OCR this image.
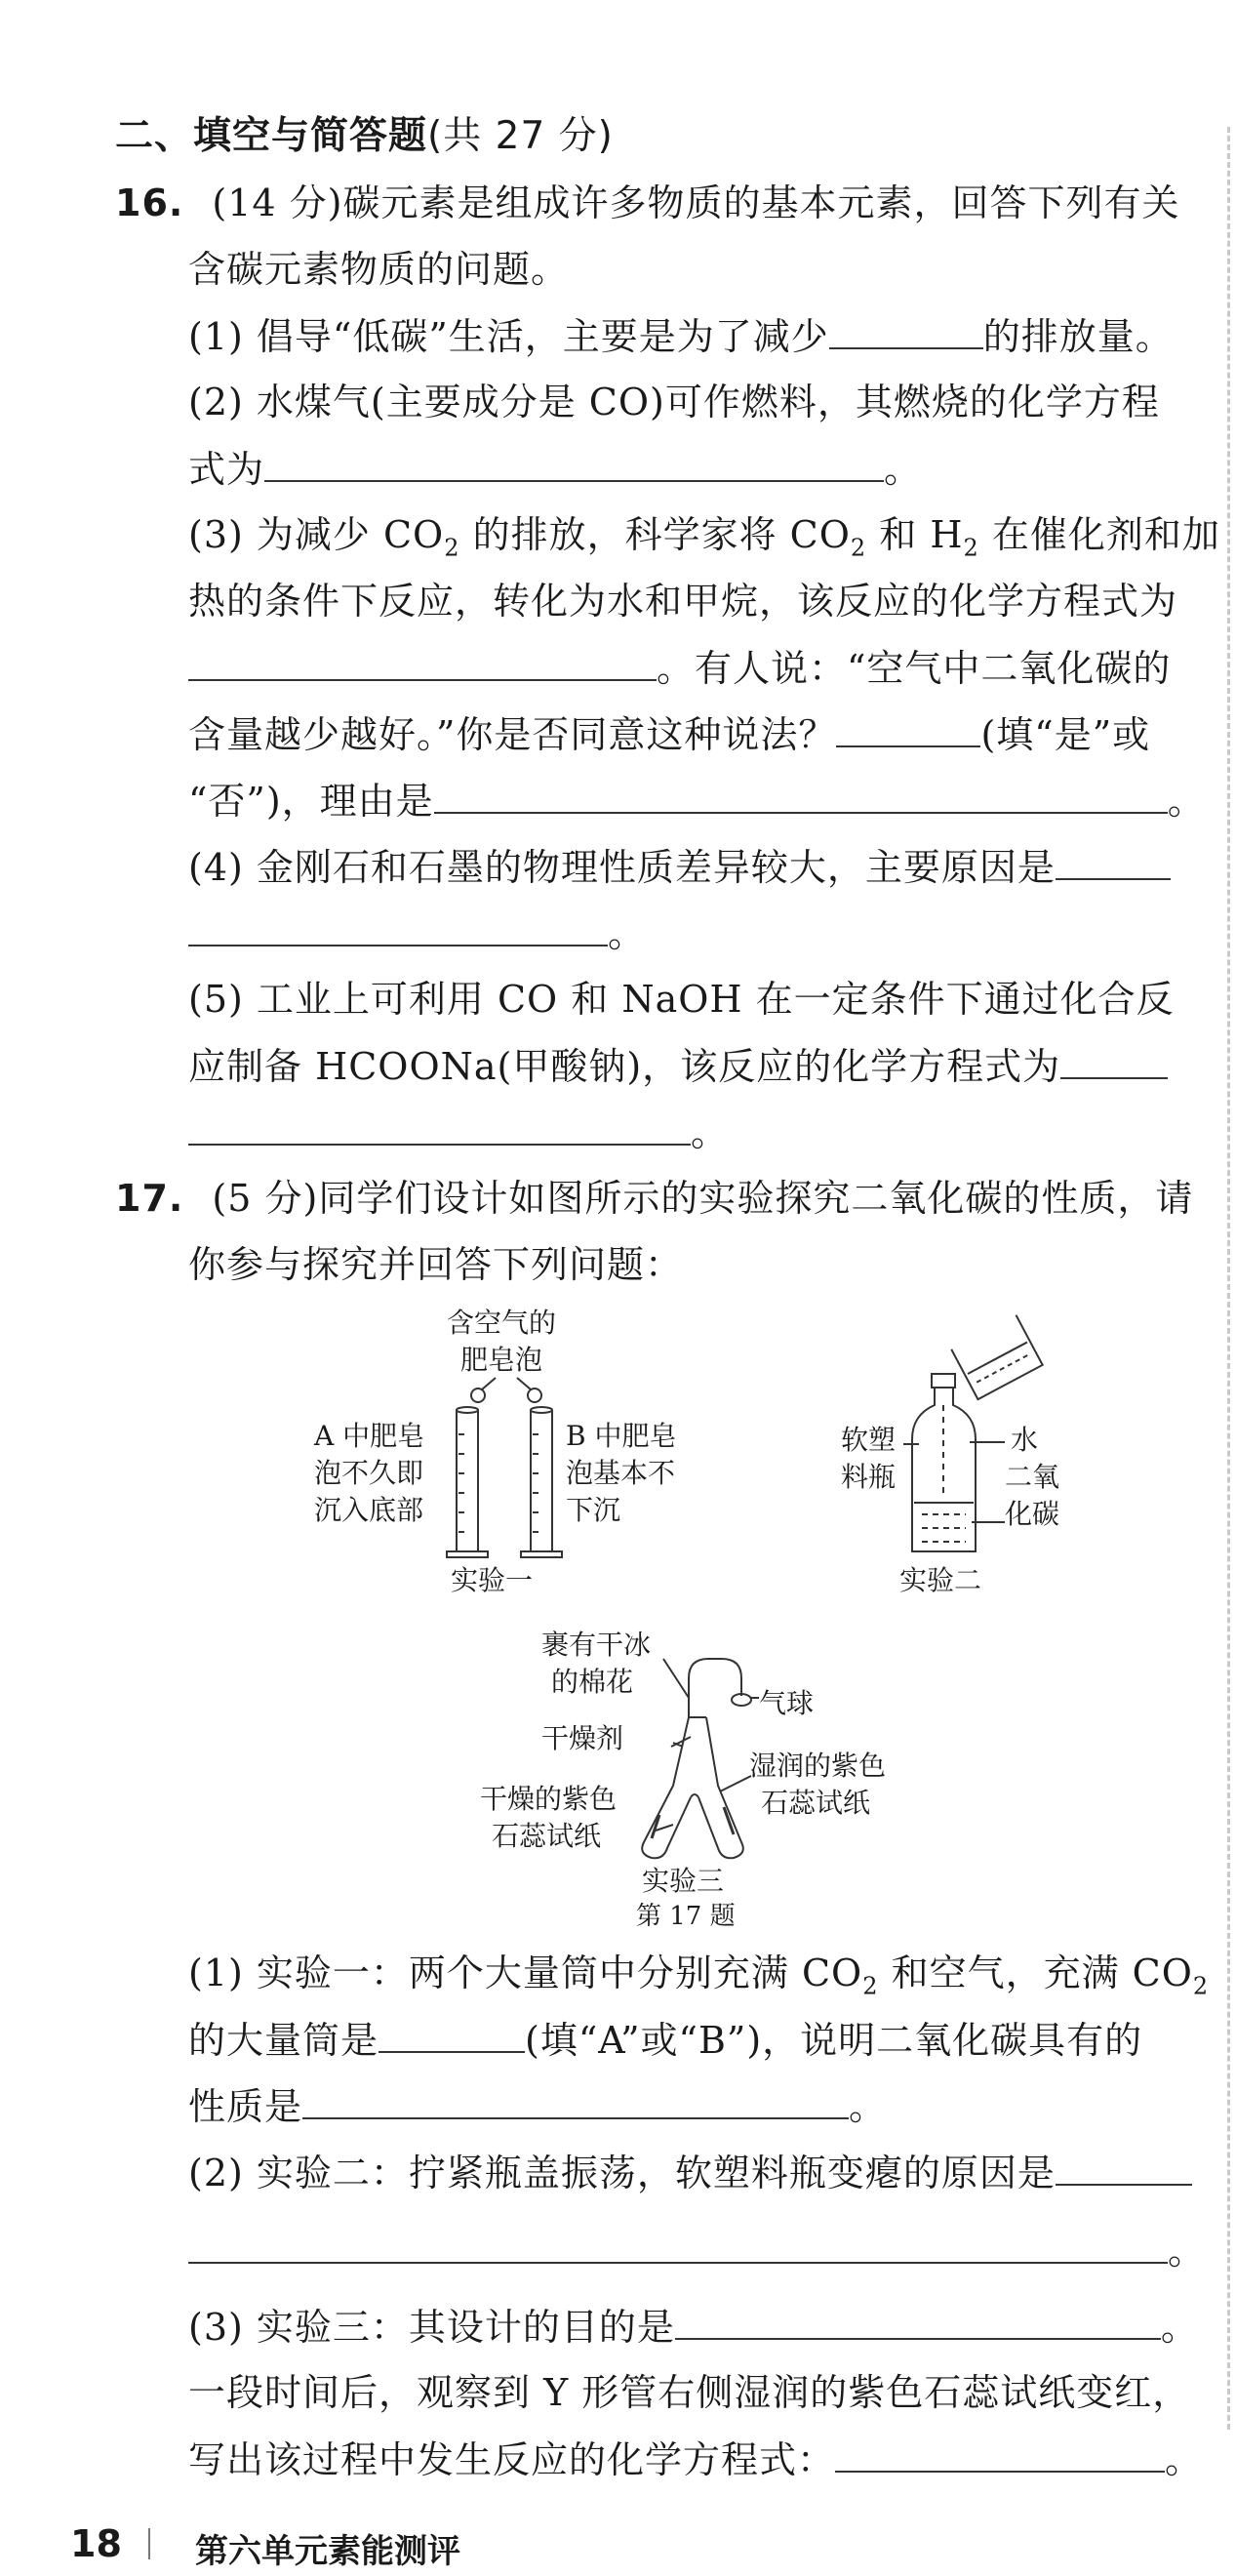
二、填空与简答题(共 27 分)
16. (14 分)碳元素是组成许多物质的基本元素，回答下列有关
含碳元素物质的问题。
(1) 倡导“低碳”生活，主要是为了减少	的排放量。
(2) 水煤气(主要成分是 CO)可作燃料，其燃烧的化学方程
式为	。
(3) 为减少 $CO_2$ 的排放，科学家将 $CO_2$ 和 $H_2$ 在催化剂和加
热的条件下反应，转化为水和甲烷，该反应的化学方程式为
。有人说：“空气中二氧化碳的
含量越少越好。”你是否同意这种说法？	(填“是”或
“否”)，理由是	。
(4) 金刚石和石墨的物理性质差异较大，主要原因是
。
(5) 工业上可利用 CO 和 NaOH 在一定条件下通过化合反
应制备 HCOONa(甲酸钠)，该反应的化学方程式为
。
17. (5 分)同学们设计如图所示的实验探究二氧化碳的性质，请
你参与探究并回答下列问题：
含空气的
肥皂泡
A 中肥皂
泡不久即
沉入底部
B 中肥皂
泡基本不
下沉
实验一
软塑
料瓶
水
二氧
化碳
实验二
裹有干冰
的棉花
气球
干燥剂
湿润的紫色
石蕊试纸
干燥的紫色
石蕊试纸
实验三
第 17 题
(1) 实验一：两个大量筒中分别充满 $CO_2$ 和空气，充满 $CO_2$
的大量筒是	(填“A”或“B”)，说明二氧化碳具有的
性质是	。
(2) 实验二：拧紧瓶盖振荡，软塑料瓶变瘪的原因是
。
(3) 实验三：其设计的目的是	。
一段时间后，观察到 Y 形管右侧湿润的紫色石蕊试纸变红，
写出该过程中发生反应的化学方程式：	。
18 第六单元素能测评
